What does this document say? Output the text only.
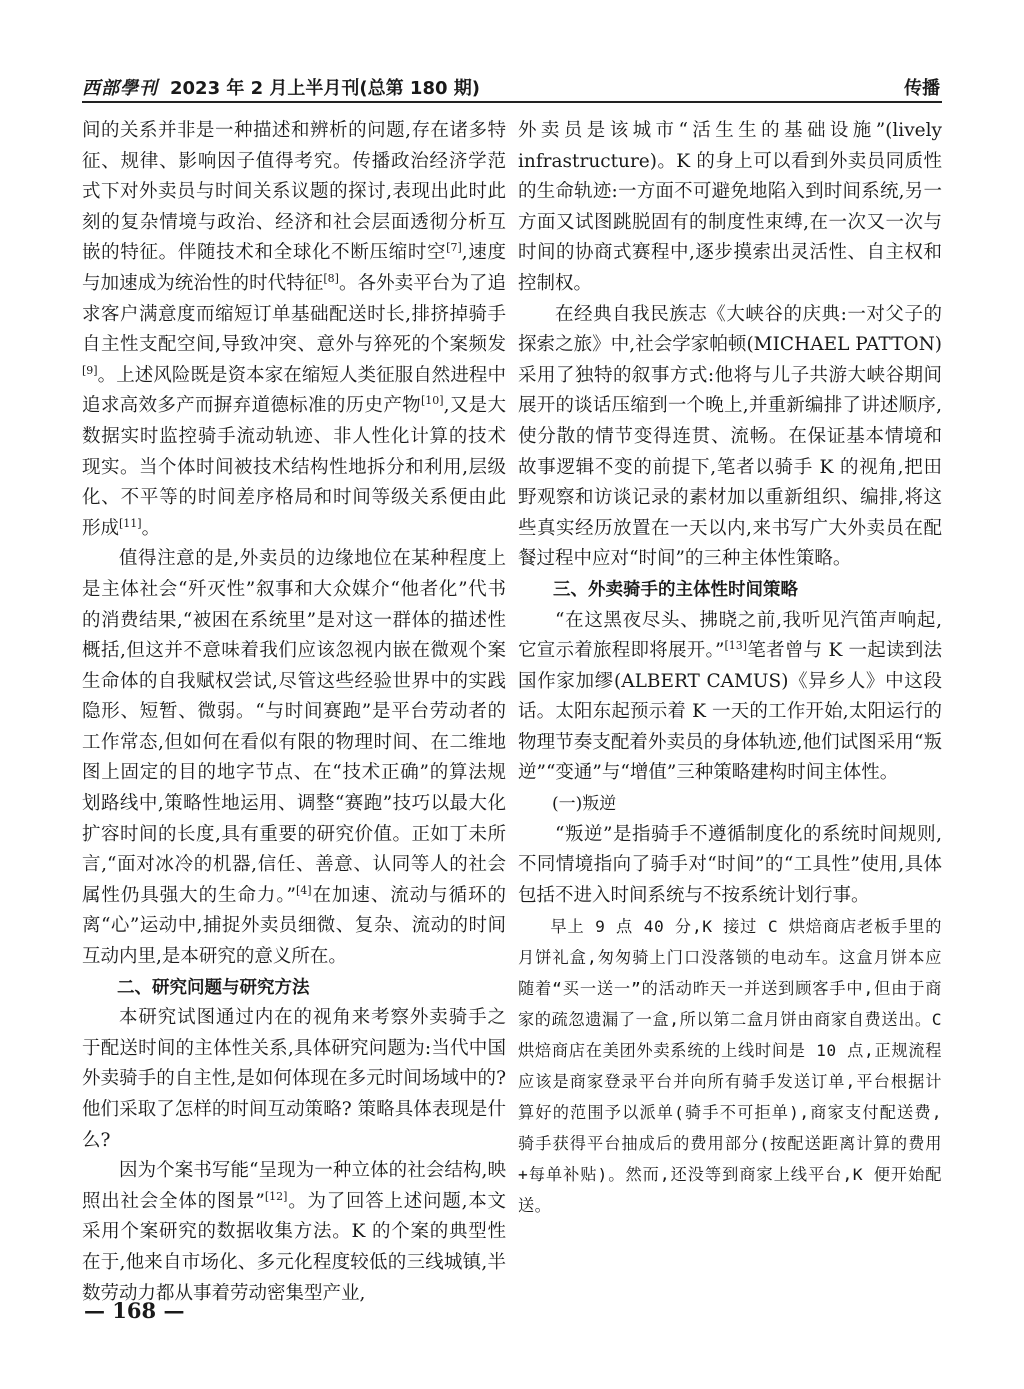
西部學刊 2023 年 2 月上半月刊(总第 180 期)	传播

间的关系并非是一种描述和辨析的问题,存在诸多特征、规律、影响因子值得考究。传播政治经济学范式下对外卖员与时间关系议题的探讨,表现出此时此刻的复杂情境与政治、经济和社会层面透彻分析互嵌的特征。伴随技术和全球化不断压缩时空[7],速度与加速成为统治性的时代特征[8]。各外卖平台为了追求客户满意度而缩短订单基础配送时长,排挤掉骑手自主性支配空间,导致冲突、意外与猝死的个案频发[9]。上述风险既是资本家在缩短人类征服自然进程中追求高效多产而摒弃道德标准的历史产物[10],又是大数据实时监控骑手流动轨迹、非人性化计算的技术现实。当个体时间被技术结构性地拆分和利用,层级化、不平等的时间差序格局和时间等级关系便由此形成[11]。

值得注意的是,外卖员的边缘地位在某种程度上是主体社会“歼灭性”叙事和大众媒介“他者化”代书的消费结果,“被困在系统里”是对这一群体的描述性概括,但这并不意味着我们应该忽视内嵌在微观个案生命体的自我赋权尝试,尽管这些经验世界中的实践隐形、短暂、微弱。“与时间赛跑”是平台劳动者的工作常态,但如何在看似有限的物理时间、在二维地图上固定的目的地字节点、在“技术正确”的算法规划路线中,策略性地运用、调整“赛跑”技巧以最大化扩容时间的长度,具有重要的研究价值。正如丁未所言,“面对冰冷的机器,信任、善意、认同等人的社会属性仍具强大的生命力。”[4]在加速、流动与循环的离“心”运动中,捕捉外卖员细微、复杂、流动的时间互动内里,是本研究的意义所在。

二、研究问题与研究方法

本研究试图通过内在的视角来考察外卖骑手之于配送时间的主体性关系,具体研究问题为:当代中国外卖骑手的自主性,是如何体现在多元时间场域中的? 他们采取了怎样的时间互动策略? 策略具体表现是什么?

因为个案书写能“呈现为一种立体的社会结构,映照出社会全体的图景”[12]。为了回答上述问题,本文采用个案研究的数据收集方法。K 的个案的典型性在于,他来自市场化、多元化程度较低的三线城镇,半数劳动力都从事着劳动密集型产业,

外卖员是该城市“活生生的基础设施”(lively infrastructure)。K 的身上可以看到外卖员同质性的生命轨迹:一方面不可避免地陷入到时间系统,另一方面又试图跳脱固有的制度性束缚,在一次又一次与时间的协商式赛程中,逐步摸索出灵活性、自主权和控制权。

在经典自我民族志《大峡谷的庆典:一对父子的探索之旅》中,社会学家帕顿(MICHAEL PATTON)采用了独特的叙事方式:他将与儿子共游大峡谷期间展开的谈话压缩到一个晚上,并重新编排了讲述顺序,使分散的情节变得连贯、流畅。在保证基本情境和故事逻辑不变的前提下,笔者以骑手 K 的视角,把田野观察和访谈记录的素材加以重新组织、编排,将这些真实经历放置在一天以内,来书写广大外卖员在配餐过程中应对“时间”的三种主体性策略。

三、外卖骑手的主体性时间策略

“在这黑夜尽头、拂晓之前,我听见汽笛声响起,它宣示着旅程即将展开。”[13]笔者曾与 K 一起读到法国作家加缪(ALBERT CAMUS)《异乡人》中这段话。太阳东起预示着 K 一天的工作开始,太阳运行的物理节奏支配着外卖员的身体轨迹,他们试图采用“叛逆”“变通”与“增值”三种策略建构时间主体性。

(一)叛逆

“叛逆”是指骑手不遵循制度化的系统时间规则,不同情境指向了骑手对“时间”的“工具性”使用,具体包括不进入时间系统与不按系统计划行事。

早上 9 点 40 分,K 接过 C 烘焙商店老板手里的月饼礼盒,匆匆骑上门口没落锁的电动车。这盒月饼本应随着“买一送一”的活动昨天一并送到顾客手中,但由于商家的疏忽遗漏了一盒,所以第二盒月饼由商家自费送出。C 烘焙商店在美团外卖系统的上线时间是 10 点,正规流程应该是商家登录平台并向所有骑手发送订单,平台根据计算好的范围予以派单(骑手不可拒单),商家支付配送费,骑手获得平台抽成后的费用部分(按配送距离计算的费用+每单补贴)。然而,还没等到商家上线平台,K 便开始配送。

— 168 —
